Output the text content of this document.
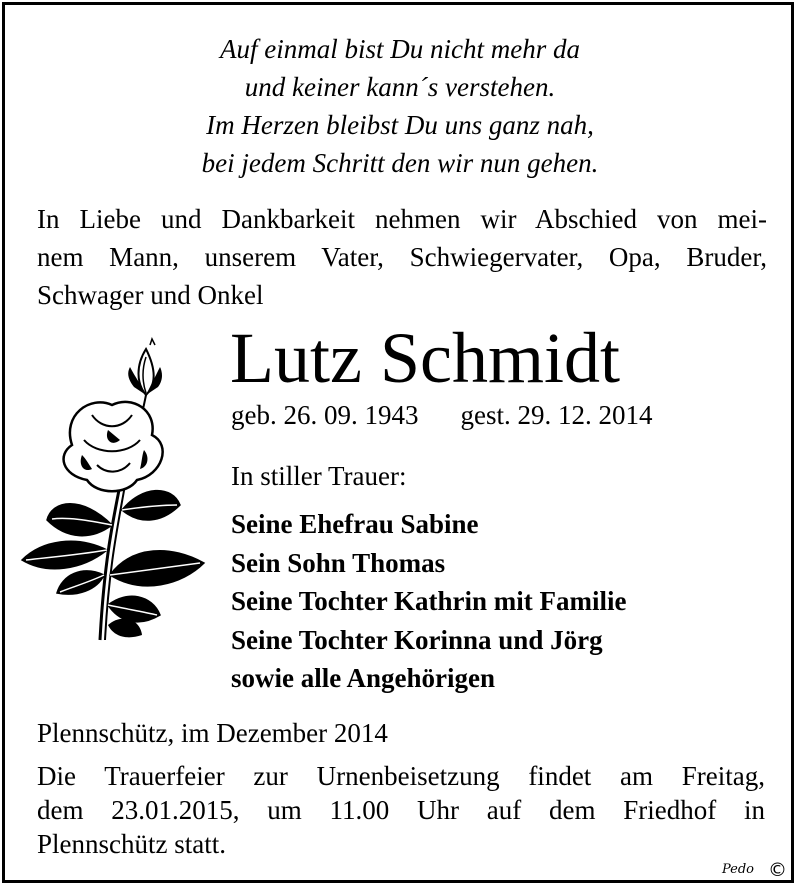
Auf einmal bist Du nicht mehr da
und keiner kann´s verstehen.
Im Herzen bleibst Du uns ganz nah,
bei jedem Schritt den wir nun gehen.
In Liebe und Dankbarkeit nehmen wir Abschied von mei-
nem Mann, unserem Vater, Schwiegervater, Opa, Bruder,
Schwager und Onkel
Lutz Schmidt
geb. 26. 09. 1943 gest. 29. 12. 2014
In stiller Trauer:
Seine Ehefrau Sabine
Sein Sohn Thomas
Seine Tochter Kathrin mit Familie
Seine Tochter Korinna und Jörg
sowie alle Angehörigen
Plennschütz, im Dezember 2014
Die Trauerfeier zur Urnenbeisetzung findet am Freitag,
dem 23.01.2015, um 11.00 Uhr auf dem Friedhof in
Plennschütz statt.
Pedo ©
